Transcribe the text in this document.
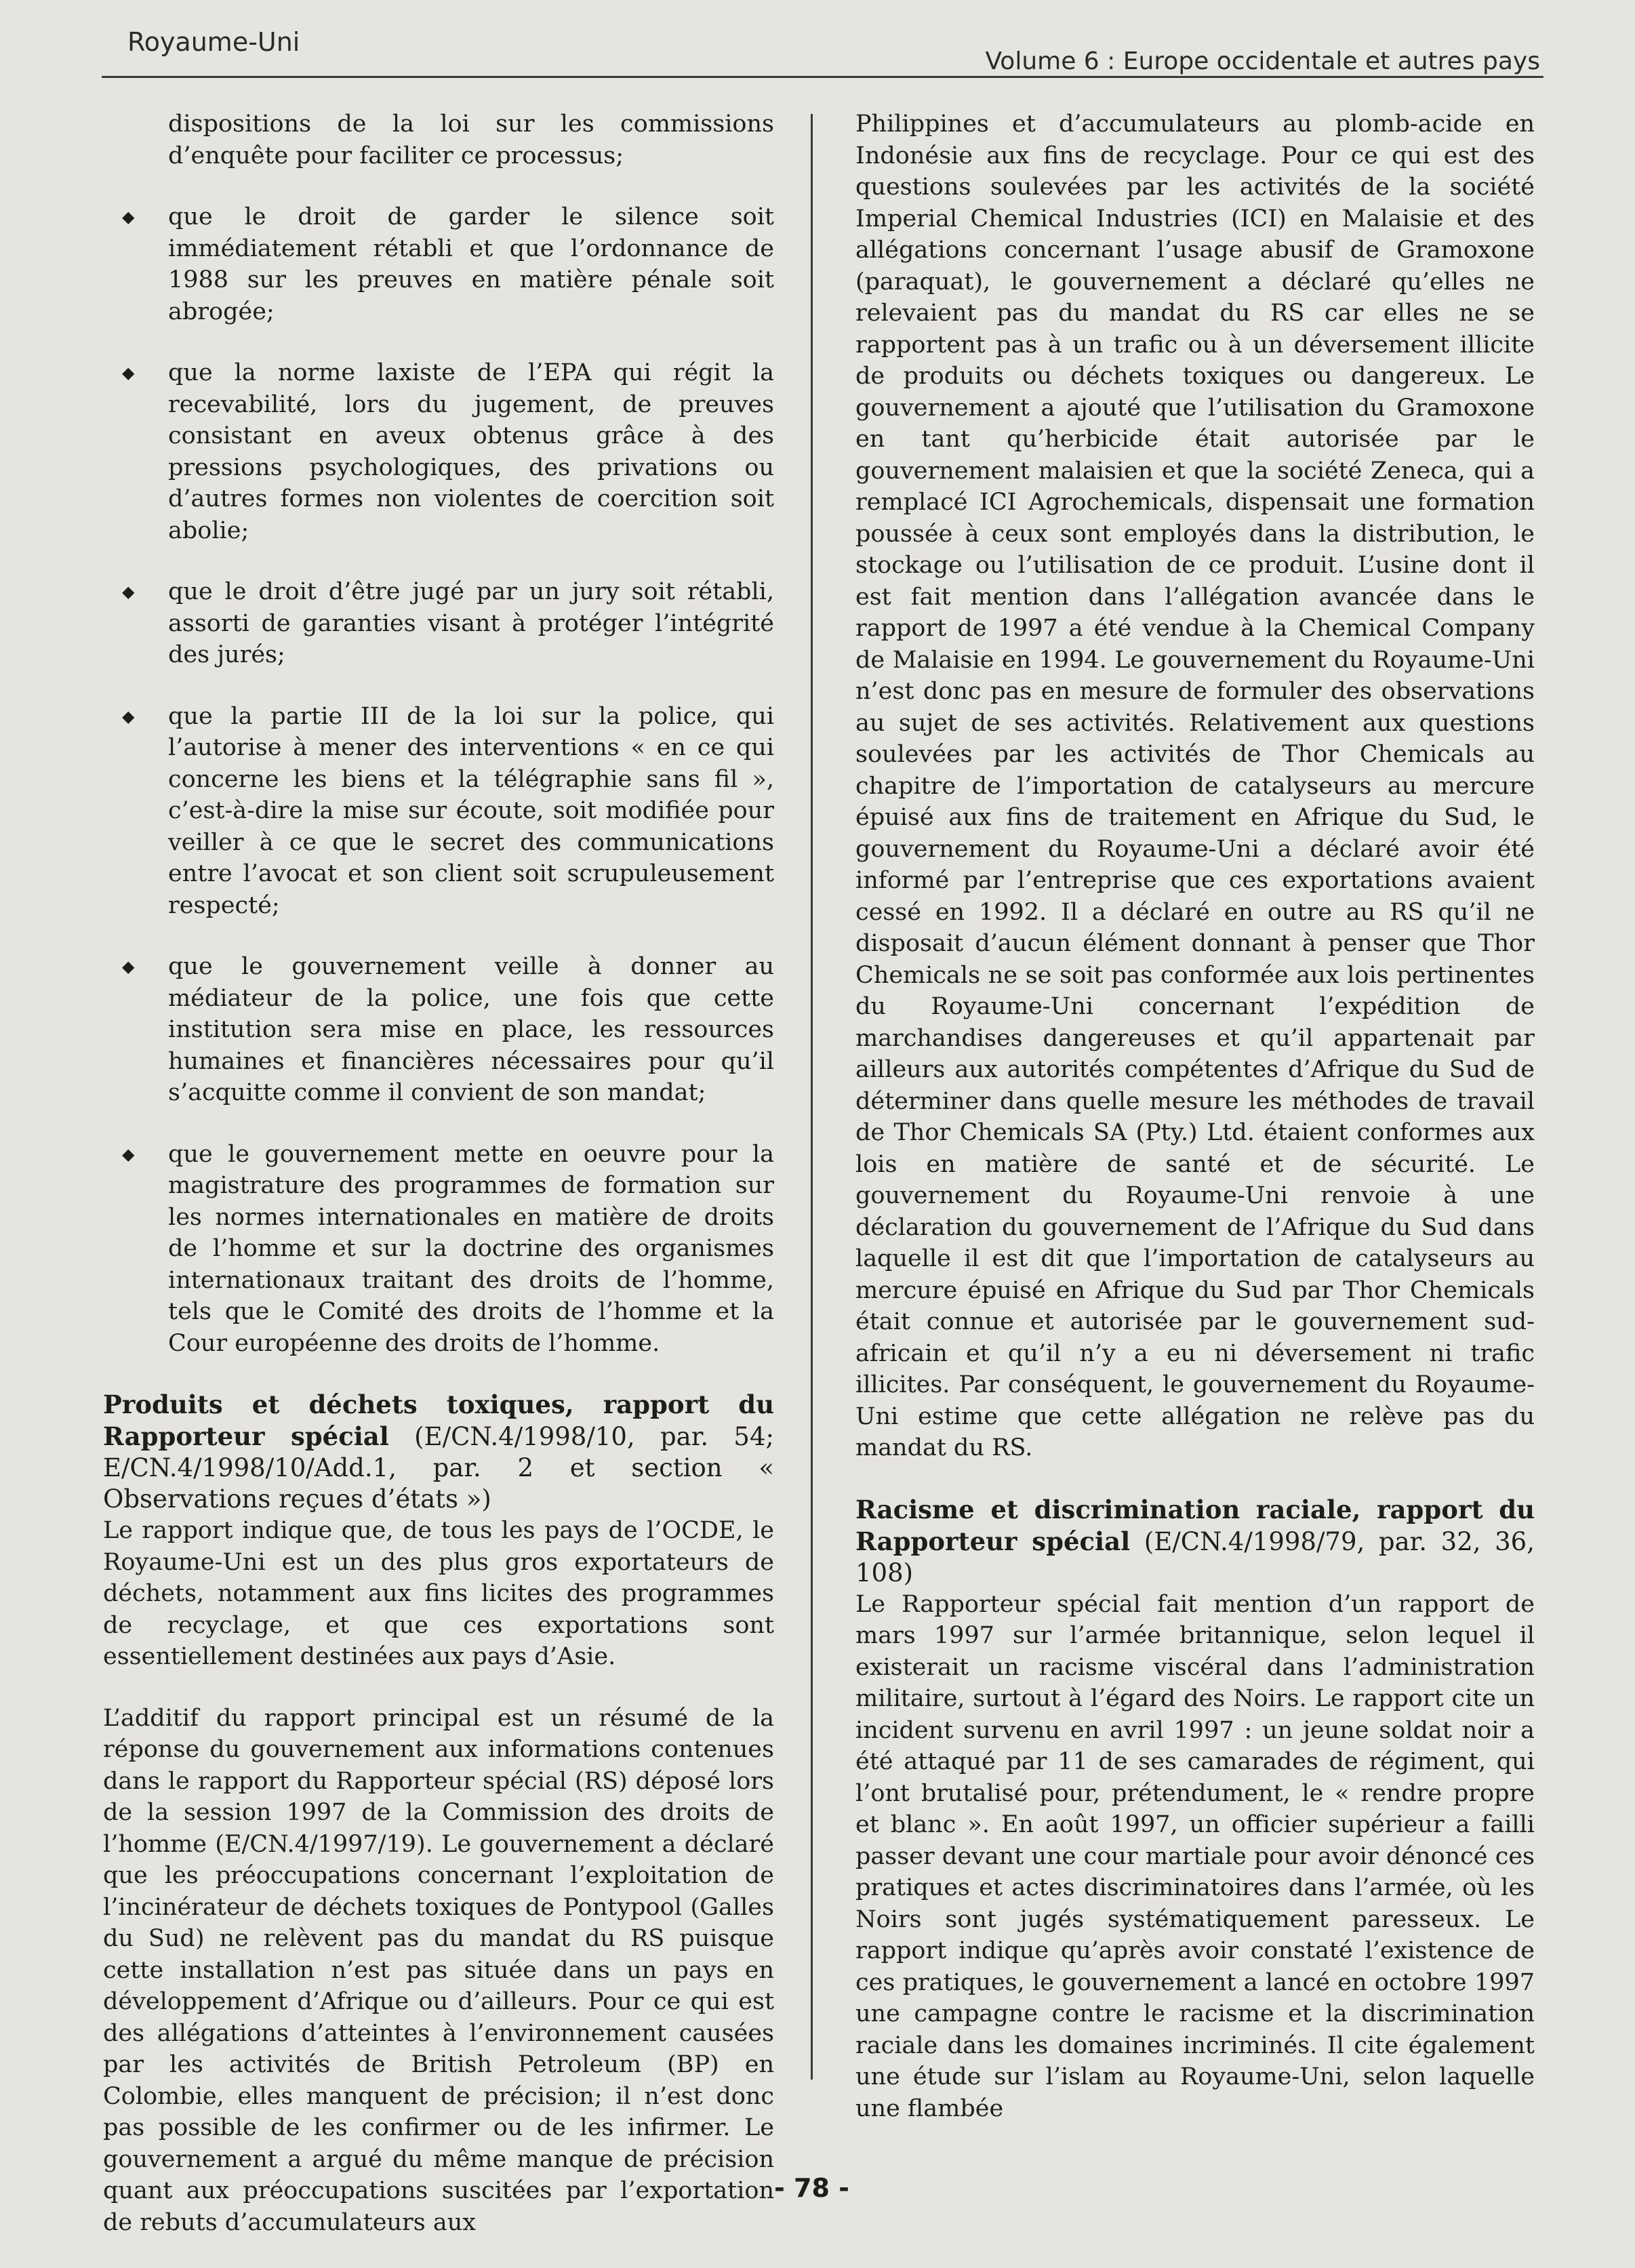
Royaume-Uni
Volume 6 : Europe occidentale et autres pays

dispositions de la loi sur les commissions d’enquête pour faciliter ce processus;

◆ que le droit de garder le silence soit immédiatement rétabli et que l’ordonnance de 1988 sur les preuves en matière pénale soit abrogée;
◆ que la norme laxiste de l’EPA qui régit la recevabilité, lors du jugement, de preuves consistant en aveux obtenus grâce à des pressions psychologiques, des privations ou d’autres formes non violentes de coercition soit abolie;
◆ que le droit d’être jugé par un jury soit rétabli, assorti de garanties visant à protéger l’intégrité des jurés;
◆ que la partie III de la loi sur la police, qui l’autorise à mener des interventions « en ce qui concerne les biens et la télégraphie sans fil », c’est-à-dire la mise sur écoute, soit modifiée pour veiller à ce que le secret des communications entre l’avocat et son client soit scrupuleusement respecté;
◆ que le gouvernement veille à donner au médiateur de la police, une fois que cette institution sera mise en place, les ressources humaines et financières nécessaires pour qu’il s’acquitte comme il convient de son mandat;
◆ que le gouvernement mette en oeuvre pour la magistrature des programmes de formation sur les normes internationales en matière de droits de l’homme et sur la doctrine des organismes internationaux traitant des droits de l’homme, tels que le Comité des droits de l’homme et la Cour européenne des droits de l’homme.
Produits et déchets toxiques, rapport du Rapporteur spécial (E/CN.4/1998/10, par. 54; E/CN.4/1998/10/Add.1, par. 2 et section « Observations reçues d’états »)

Le rapport indique que, de tous les pays de l’OCDE, le Royaume-Uni est un des plus gros exportateurs de déchets, notamment aux fins licites des programmes de recyclage, et que ces exportations sont essentiellement destinées aux pays d’Asie.

L’additif du rapport principal est un résumé de la réponse du gouvernement aux informations contenues dans le rapport du Rapporteur spécial (RS) déposé lors de la session 1997 de la Commission des droits de l’homme (E/CN.4/1997/19). Le gouvernement a déclaré que les préoccupations concernant l’exploitation de l’incinérateur de déchets toxiques de Pontypool (Galles du Sud) ne relèvent pas du mandat du RS puisque cette installation n’est pas située dans un pays en développement d’Afrique ou d’ailleurs. Pour ce qui est des allégations d’atteintes à l’environnement causées par les activités de British Petroleum (BP) en Colombie, elles manquent de précision; il n’est donc pas possible de les confirmer ou de les infirmer. Le gouvernement a argué du même manque de précision quant aux préoccupations suscitées par l’exportation de rebuts d’accumulateurs aux

Philippines et d’accumulateurs au plomb-acide en Indonésie aux fins de recyclage. Pour ce qui est des questions soulevées par les activités de la société Imperial Chemical Industries (ICI) en Malaisie et des allégations concernant l’usage abusif de Gramoxone (paraquat), le gouvernement a déclaré qu’elles ne relevaient pas du mandat du RS car elles ne se rapportent pas à un trafic ou à un déversement illicite de produits ou déchets toxiques ou dangereux. Le gouvernement a ajouté que l’utilisation du Gramoxone en tant qu’herbicide était autorisée par le gouvernement malaisien et que la société Zeneca, qui a remplacé ICI Agrochemicals, dispensait une formation poussée à ceux sont employés dans la distribution, le stockage ou l’utilisation de ce produit. L’usine dont il est fait mention dans l’allégation avancée dans le rapport de 1997 a été vendue à la Chemical Company de Malaisie en 1994. Le gouvernement du Royaume-Uni n’est donc pas en mesure de formuler des observations au sujet de ses activités. Relativement aux questions soulevées par les activités de Thor Chemicals au chapitre de l’importation de catalyseurs au mercure épuisé aux fins de traitement en Afrique du Sud, le gouvernement du Royaume-Uni a déclaré avoir été informé par l’entreprise que ces exportations avaient cessé en 1992. Il a déclaré en outre au RS qu’il ne disposait d’aucun élément donnant à penser que Thor Chemicals ne se soit pas conformée aux lois pertinentes du Royaume-Uni concernant l’expédition de marchandises dangereuses et qu’il appartenait par ailleurs aux autorités compétentes d’Afrique du Sud de déterminer dans quelle mesure les méthodes de travail de Thor Chemicals SA (Pty.) Ltd. étaient conformes aux lois en matière de santé et de sécurité. Le gouvernement du Royaume-Uni renvoie à une déclaration du gouvernement de l’Afrique du Sud dans laquelle il est dit que l’importation de catalyseurs au mercure épuisé en Afrique du Sud par Thor Chemicals était connue et autorisée par le gouvernement sud-africain et qu’il n’y a eu ni déversement ni trafic illicites. Par conséquent, le gouvernement du Royaume-Uni estime que cette allégation ne relève pas du mandat du RS.

Racisme et discrimination raciale, rapport du Rapporteur spécial (E/CN.4/1998/79, par. 32, 36, 108)

Le Rapporteur spécial fait mention d’un rapport de mars 1997 sur l’armée britannique, selon lequel il existerait un racisme viscéral dans l’administration militaire, surtout à l’égard des Noirs. Le rapport cite un incident survenu en avril 1997 : un jeune soldat noir a été attaqué par 11 de ses camarades de régiment, qui l’ont brutalisé pour, prétendument, le « rendre propre et blanc ». En août 1997, un officier supérieur a failli passer devant une cour martiale pour avoir dénoncé ces pratiques et actes discriminatoires dans l’armée, où les Noirs sont jugés systématiquement paresseux. Le rapport indique qu’après avoir constaté l’existence de ces pratiques, le gouvernement a lancé en octobre 1997 une campagne contre le racisme et la discrimination raciale dans les domaines incriminés. Il cite également une étude sur l’islam au Royaume-Uni, selon laquelle une flambée

- 78 -
